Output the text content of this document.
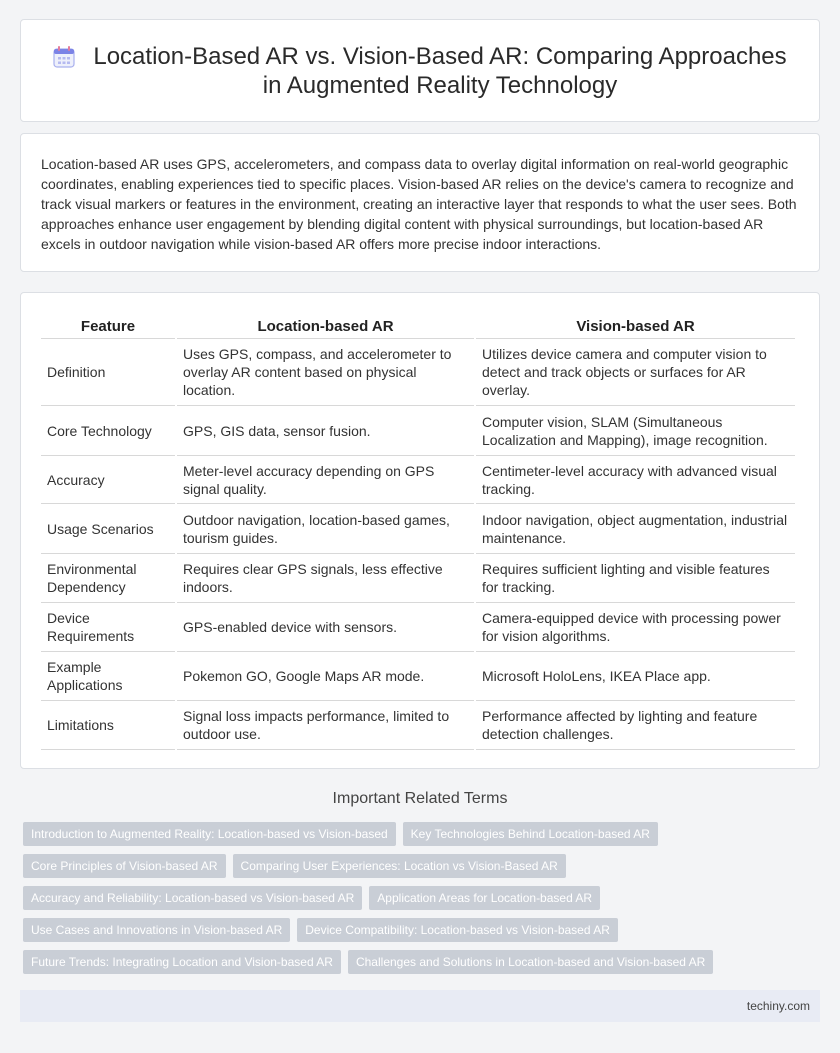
Location-Based AR vs. Vision-Based AR: Comparing Approaches in Augmented Reality Technology

Location-based AR uses GPS, accelerometers, and compass data to overlay digital information on real-world geographic coordinates, enabling experiences tied to specific places. Vision-based AR relies on the device's camera to recognize and track visual markers or features in the environment, creating an interactive layer that responds to what the user sees. Both approaches enhance user engagement by blending digital content with physical surroundings, but location-based AR excels in outdoor navigation while vision-based AR offers more precise indoor interactions.

Feature	Location-based AR	Vision-based AR
Definition	Uses GPS, compass, and accelerometer to overlay AR content based on physical location.	Utilizes device camera and computer vision to detect and track objects or surfaces for AR overlay.
Core Technology	GPS, GIS data, sensor fusion.	Computer vision, SLAM (Simultaneous Localization and Mapping), image recognition.
Accuracy	Meter-level accuracy depending on GPS signal quality.	Centimeter-level accuracy with advanced visual tracking.
Usage Scenarios	Outdoor navigation, location-based games, tourism guides.	Indoor navigation, object augmentation, industrial maintenance.
Environmental Dependency	Requires clear GPS signals, less effective indoors.	Requires sufficient lighting and visible features for tracking.
Device Requirements	GPS-enabled device with sensors.	Camera-equipped device with processing power for vision algorithms.
Example Applications	Pokemon GO, Google Maps AR mode.	Microsoft HoloLens, IKEA Place app.
Limitations	Signal loss impacts performance, limited to outdoor use.	Performance affected by lighting and feature detection challenges.
Important Related Terms
Introduction to Augmented Reality: Location-based vs Vision-based	Key Technologies Behind Location-based AR
Core Principles of Vision-based AR	Comparing User Experiences: Location vs Vision-Based AR
Accuracy and Reliability: Location-based vs Vision-based AR	Application Areas for Location-based AR
Use Cases and Innovations in Vision-based AR	Device Compatibility: Location-based vs Vision-based AR
Future Trends: Integrating Location and Vision-based AR	Challenges and Solutions in Location-based and Vision-based AR
techiny.com
